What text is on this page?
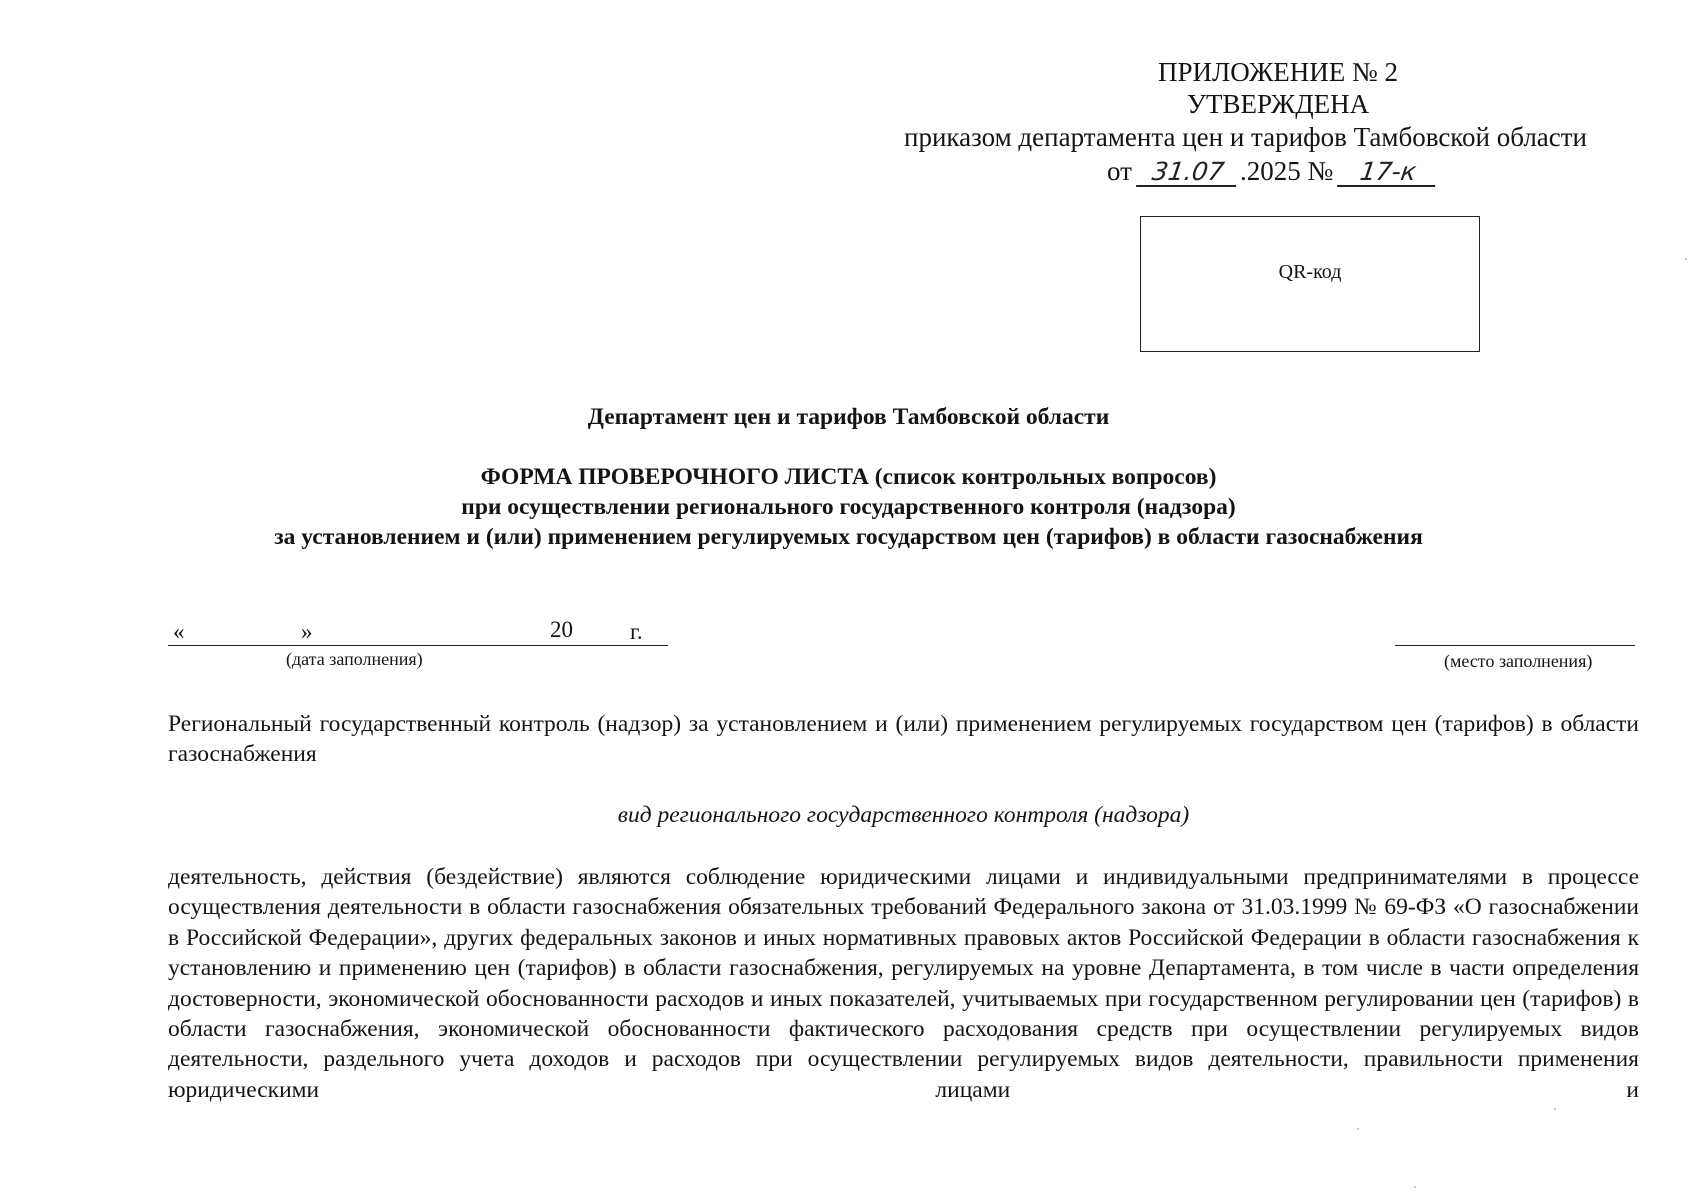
ПРИЛОЖЕНИЕ № 2
УТВЕРЖДЕНА
приказом департамента цен и тарифов Тамбовской области
от 31.07 .2025 № 17-к
QR-код
Департамент цен и тарифов Тамбовской области
ФОРМА ПРОВЕРОЧНОГО ЛИСТА (список контрольных вопросов)
при осуществлении регионального государственного контроля (надзора)
за установлением и (или) применением регулируемых государством цен (тарифов) в области газоснабжения
«	»	20 г.
(дата заполнения)	(место заполнения)
Региональный государственный контроль (надзор) за установлением и (или) применением регулируемых государством цен (тарифов) в области газоснабжения
вид регионального государственного контроля (надзора)
деятельность, действия (бездействие) являются соблюдение юридическими лицами и индивидуальными предпринимателями в процессе осуществления деятельности в области газоснабжения обязательных требований Федерального закона от 31.03.1999 № 69-ФЗ «О газоснабжении в Российской Федерации», других федеральных законов и иных нормативных правовых актов Российской Федерации в области газоснабжения к установлению и применению цен (тарифов) в области газоснабжения, регулируемых на уровне Департамента, в том числе в части определения достоверности, экономической обоснованности расходов и иных показателей, учитываемых при государственном регулировании цен (тарифов) в области газоснабжения, экономической обоснованности фактического расходования средств при осуществлении регулируемых видов деятельности, раздельного учета доходов и расходов при осуществлении регулируемых видов деятельности, правильности применения юридическими лицами и
